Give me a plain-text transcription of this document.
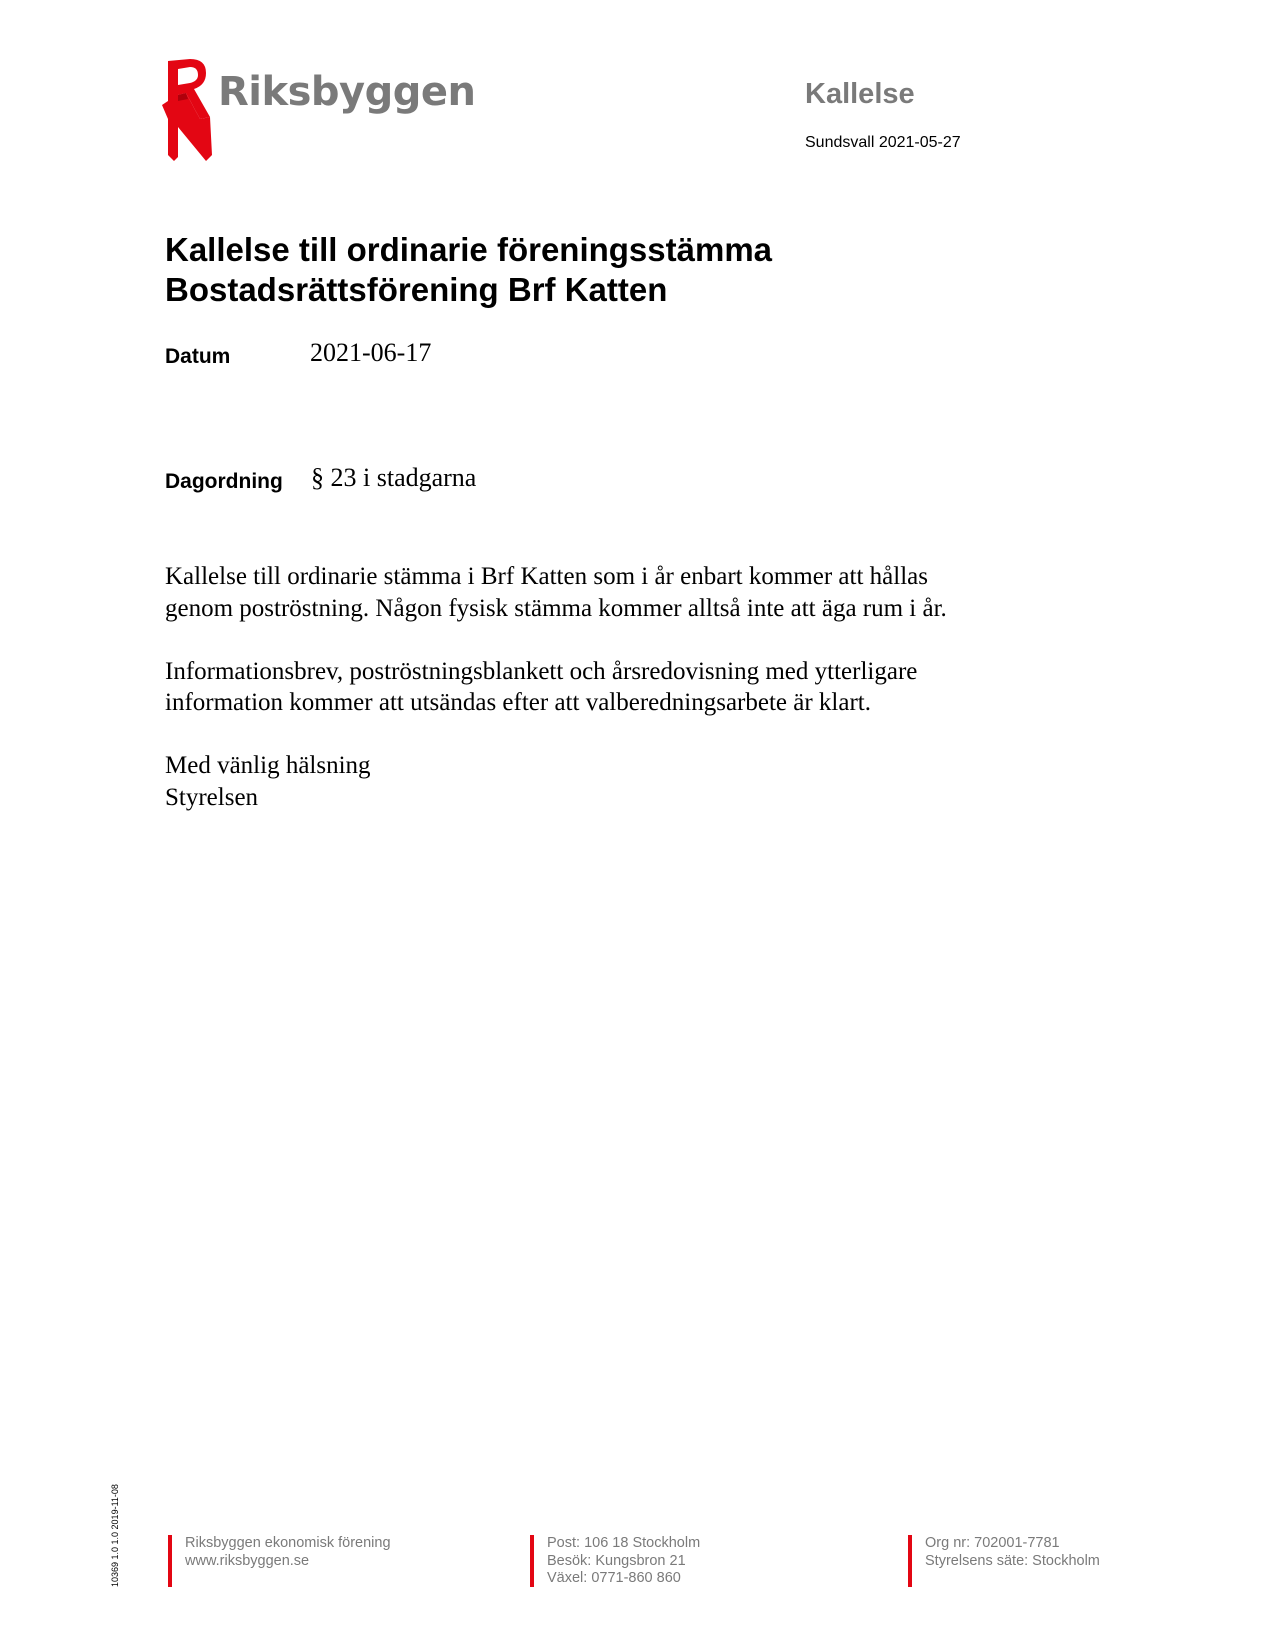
Riksbyggen	Kallelse
Sundsvall 2021-05-27
Kallelse till ordinarie föreningsstämma
Bostadsrättsförening Brf Katten
Datum	2021-06-17
Dagordning § 23 i stadgarna

Kallelse till ordinarie stämma i Brf Katten som i år enbart kommer att hållas
genom poströstning. Någon fysisk stämma kommer alltså inte att äga rum i år.

Informationsbrev, poströstningsblankett och årsredovisning med ytterligare
information kommer att utsändas efter att valberedningsarbete är klart.

Med vänlig hälsning
Styrelsen

10369 1.0 1.0 2019-11-08	Riksbyggen ekonomisk förening
www.riksbyggen.se
Post: 106 18 Stockholm
Besök: Kungsbron 21
Växel: 0771-860 860
Org nr: 702001-7781
Styrelsens säte: Stockholm
